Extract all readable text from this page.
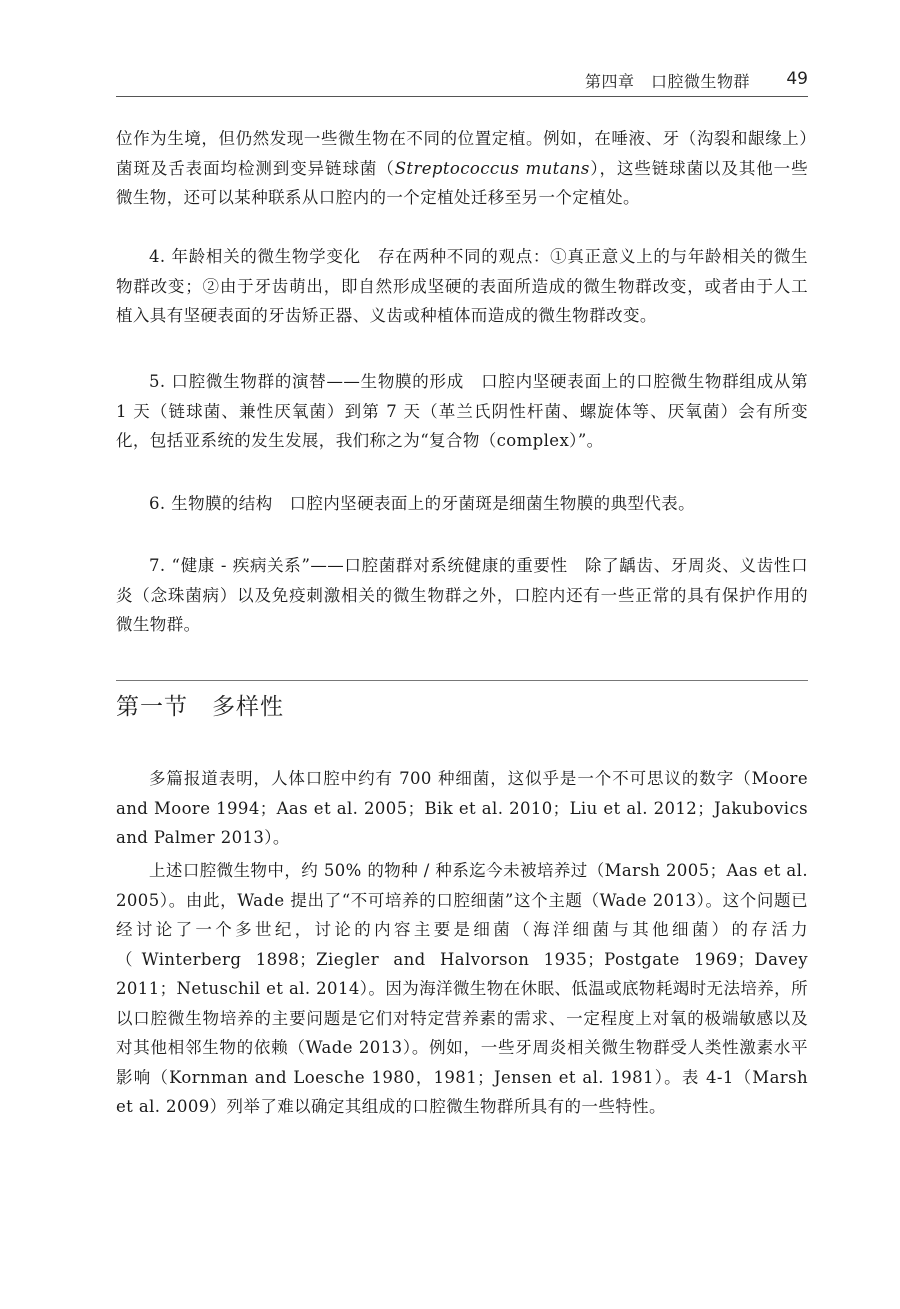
第四章　口腔微生物群 49
位作为生境，但仍然发现一些微生物在不同的位置定植。例如，在唾液、牙（沟裂和龈缘上）菌斑及舌表面均检测到变异链球菌（Streptococcus mutans），这些链球菌以及其他一些微生物，还可以某种联系从口腔内的一个定植处迁移至另一个定植处。
4. 年龄相关的微生物学变化　存在两种不同的观点：①真正意义上的与年龄相关的微生物群改变；②由于牙齿萌出，即自然形成坚硬的表面所造成的微生物群改变，或者由于人工植入具有坚硬表面的牙齿矫正器、义齿或种植体而造成的微生物群改变。
5. 口腔微生物群的演替——生物膜的形成　口腔内坚硬表面上的口腔微生物群组成从第 1 天（链球菌、兼性厌氧菌）到第 7 天（革兰氏阴性杆菌、螺旋体等、厌氧菌）会有所变化，包括亚系统的发生发展，我们称之为“复合物（complex）”。
6. 生物膜的结构　口腔内坚硬表面上的牙菌斑是细菌生物膜的典型代表。
7. “健康 - 疾病关系”——口腔菌群对系统健康的重要性　除了龋齿、牙周炎、义齿性口炎（念珠菌病）以及免疫刺激相关的微生物群之外，口腔内还有一些正常的具有保护作用的微生物群。
第一节　多样性
多篇报道表明，人体口腔中约有 700 种细菌，这似乎是一个不可思议的数字（Moore and Moore 1994；Aas et al. 2005；Bik et al. 2010；Liu et al. 2012；Jakubovics and Palmer 2013）。
上述口腔微生物中，约 50% 的物种 / 种系迄今未被培养过（Marsh 2005；Aas et al. 2005）。由此，Wade 提出了“不可培养的口腔细菌”这个主题（Wade 2013）。这个问题已经讨论了一个多世纪，讨论的内容主要是细菌（海洋细菌与其他细菌）的存活力（Winterberg 1898；Ziegler and Halvorson 1935；Postgate 1969；Davey 2011；Netuschil et al. 2014）。因为海洋微生物在休眠、低温或底物耗竭时无法培养，所以口腔微生物培养的主要问题是它们对特定营养素的需求、一定程度上对氧的极端敏感以及对其他相邻生物的依赖（Wade 2013）。例如，一些牙周炎相关微生物群受人类性激素水平影响（Kornman and Loesche 1980，1981；Jensen et al. 1981）。表 4-1（Marsh et al. 2009）列举了难以确定其组成的口腔微生物群所具有的一些特性。
